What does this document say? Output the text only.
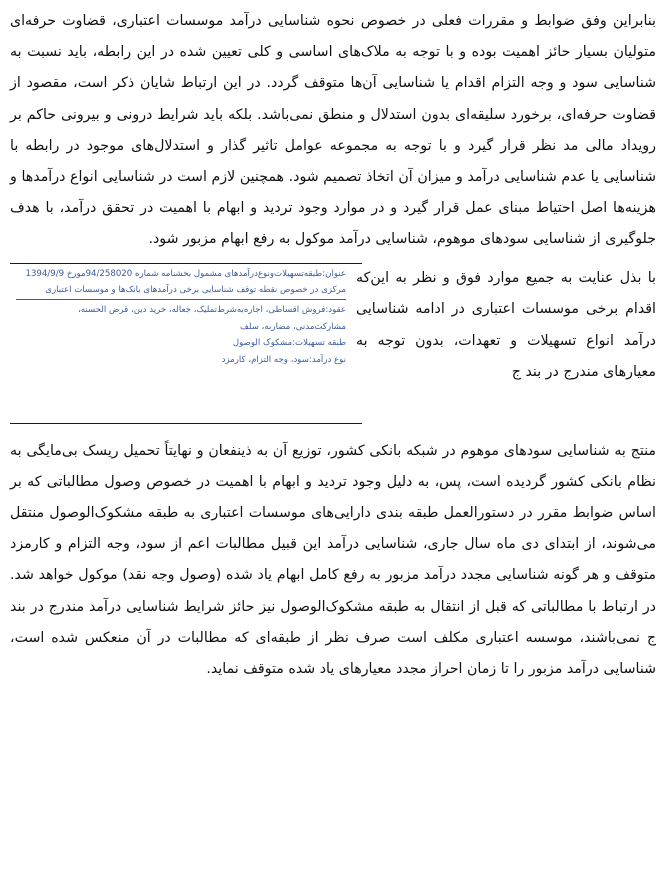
بنابراین وفق ضوابط و مقررات فعلی در خصوص نحوه شناسایی درآمد موسسات اعتباری، قضاوت حرفه‌ای متولیان بسیار حائز اهمیت بوده و با توجه به ملاک‌های اساسی و کلی تعیین شده در این رابطه، باید نسبت به شناسایی سود و وجه التزام اقدام یا شناسایی آن‌ها متوقف گردد. در این ارتباط شایان ذکر است، مقصود از قضاوت حرفه‌ای، برخورد سلیقه‌ای بدون استدلال و منطق نمی‌باشد. بلکه باید شرایط درونی و بیرونی حاکم بر رویداد مالی مد نظر قرار گیرد و با توجه به مجموعه عوامل تاثیر گذار و استدلال‌های موجود در رابطه با شناسایی یا عدم شناسایی درآمد و میزان آن اتخاذ تصمیم شود. همچنین لازم است در شناسایی انواع درآمدها و هزینه‌ها اصل احتیاط مبنای عمل قرار گیرد و در موارد وجود تردید و ابهام با اهمیت در تحقق درآمد، با هدف جلوگیری از شناسایی سودهای موهوم، شناسایی درآمد موکول به رفع ابهام مزبور شود.

با بذل عنایت به جمیع موارد فوق و نظر به این‌که اقدام برخی موسسات اعتباری در ادامه شناسایی درآمد انواع تسهیلات و تعهدات، بدون توجه به معیارهای مندرج در بند ج

عنوان:طبقه‌تسهیلات‌ونوع‌درآمدهای مشمول بخشنامه شماره 94/258020مورخ 1394/9/9
مرکزی در خصوص نقطه توقف شناسایی برخی درآمدهای بانک‌ها و موسسات اعتباری
عقود:فروش اقساطی، اجاره‌به‌شرط‌تملیک، جعاله، خرید دین، قرض الحسنه،
مشارکت‌مدنی، مضاربه، سلف
طبقه تسهیلات:مشکوک الوصول
نوع درآمد:سود، وجه التزام، کارمزد

منتج به شناسایی سودهای موهوم در شبکه بانکی کشور، توزیع آن به ذینفعان و نهایتاً تحمیل ریسک بی‌مایگی به نظام بانکی کشور گردیده است، پس، به دلیل وجود تردید و ابهام با اهمیت در خصوص وصول مطالباتی که بر اساس ضوابط مقرر در دستورالعمل طبقه بندی دارایی‌های موسسات اعتباری به طبقه مشکوک‌الوصول منتقل می‌شوند، از ابتدای دی ماه سال جاری، شناسایی درآمد این قبیل مطالبات اعم از سود، وجه التزام و کارمزد متوقف و هر گونه شناسایی مجدد درآمد مزبور به رفع کامل ابهام یاد شده (وصول وجه نقد) موکول خواهد شد. در ارتباط با مطالباتی که قبل از انتقال به طبقه مشکوک‌الوصول نیز حائز شرایط شناسایی درآمد مندرج در بند ج نمی‌باشند، موسسه اعتباری مکلف است صرف نظر از طبقه‌ای که مطالبات در آن منعکس شده است، شناسایی درآمد مزبور را تا زمان احراز مجدد معیارهای یاد شده متوقف نماید.
